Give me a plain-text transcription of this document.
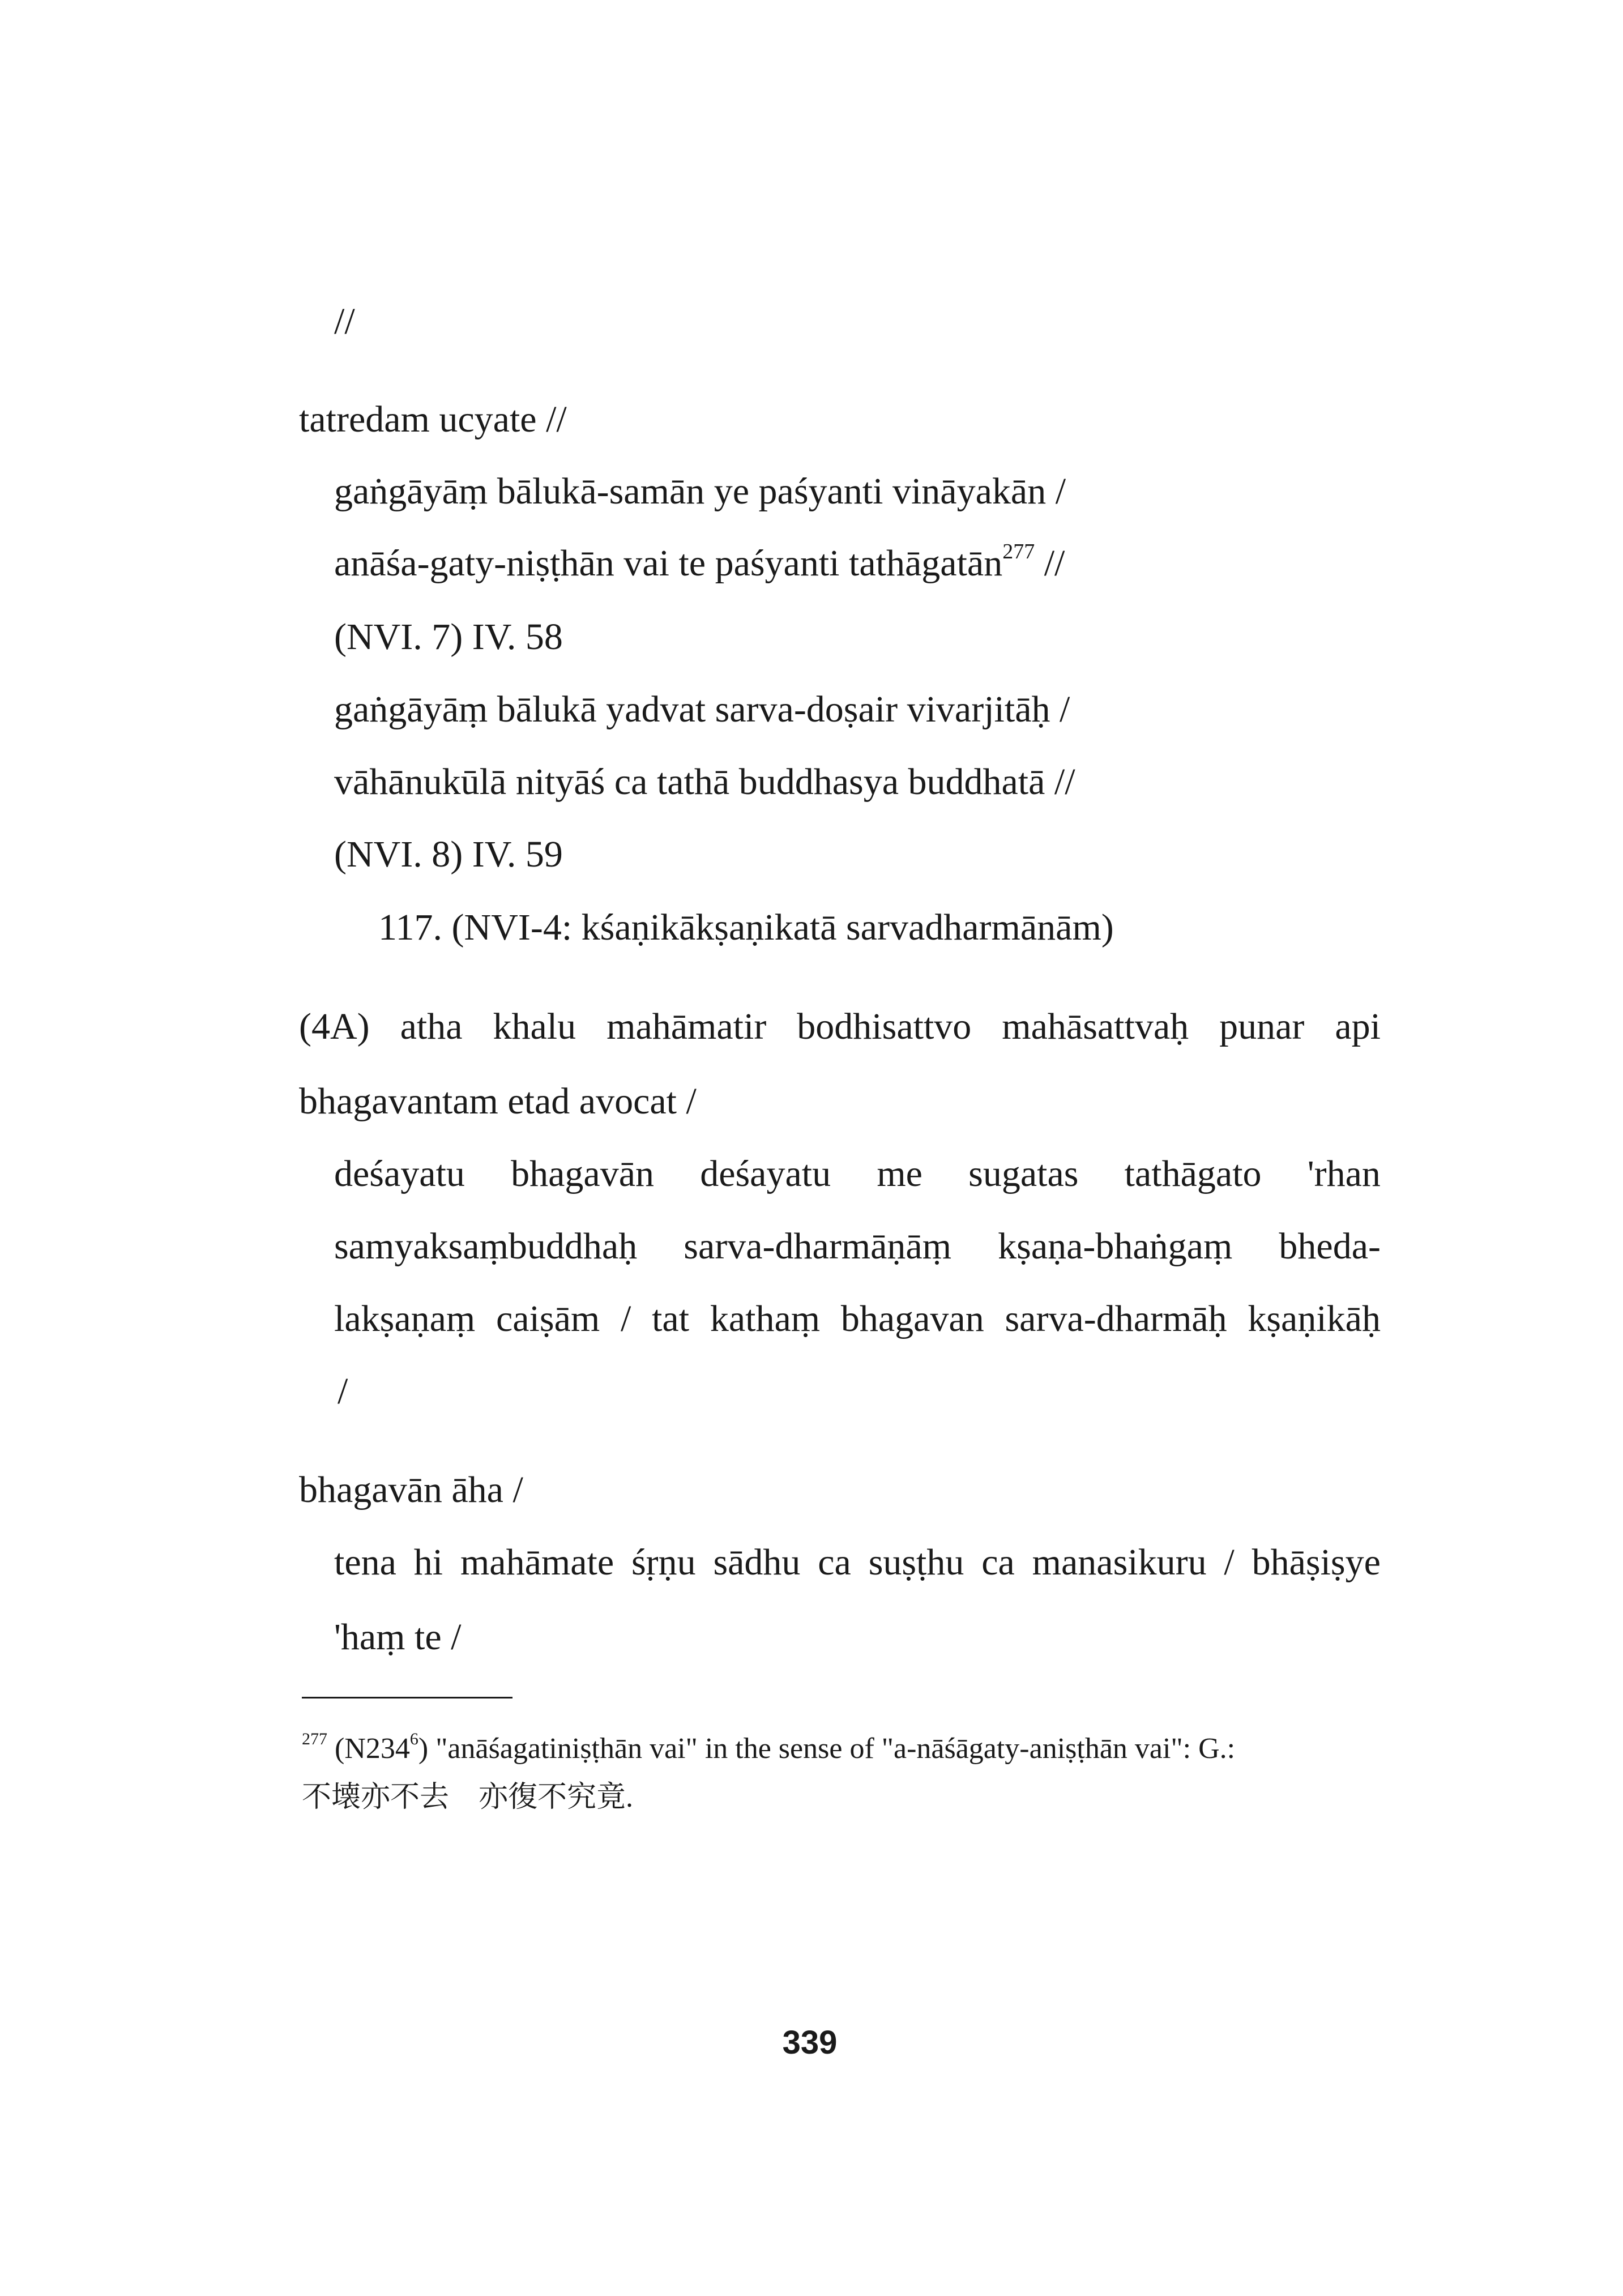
//
tatredam ucyate //
gaṅgāyāṃ bālukā-samān ye paśyanti vināyakān /
anāśa-gaty-niṣṭhān vai te paśyanti tathāgatān$^{277}$ //
(NVI. 7) IV. 58
gaṅgāyāṃ bālukā yadvat sarva-doṣair vivarjitāḥ /
vāhānukūlā nityāś ca tathā buddhasya buddhatā //
(NVI. 8) IV. 59
117. (NVI-4: kśaṇikākṣaṇikatā sarvadharmānām)
(4A) atha khalu mahāmatir bodhisattvo mahāsattvaḥ punar api
bhagavantam etad avocat /
deśayatu bhagavān deśayatu me sugatas tathāgato 'rhan
samyaksaṃbuddhaḥ sarva-dharmāṇāṃ kṣaṇa-bhaṅgaṃ bheda-
lakṣaṇaṃ caiṣām / tat kathaṃ bhagavan sarva-dharmāḥ kṣaṇikāḥ
/
bhagavān āha /
tena hi mahāmate śṛṇu sādhu ca suṣṭhu ca manasikuru / bhāṣiṣye
'haṃ te /
$^{277}$ $(N234^6)$ "anāśagatiniṣṭhān vai" in the sense of "a-nāśāgaty-aniṣṭhān vai": G.:
不壊亦不去　亦復不究竟.
339
